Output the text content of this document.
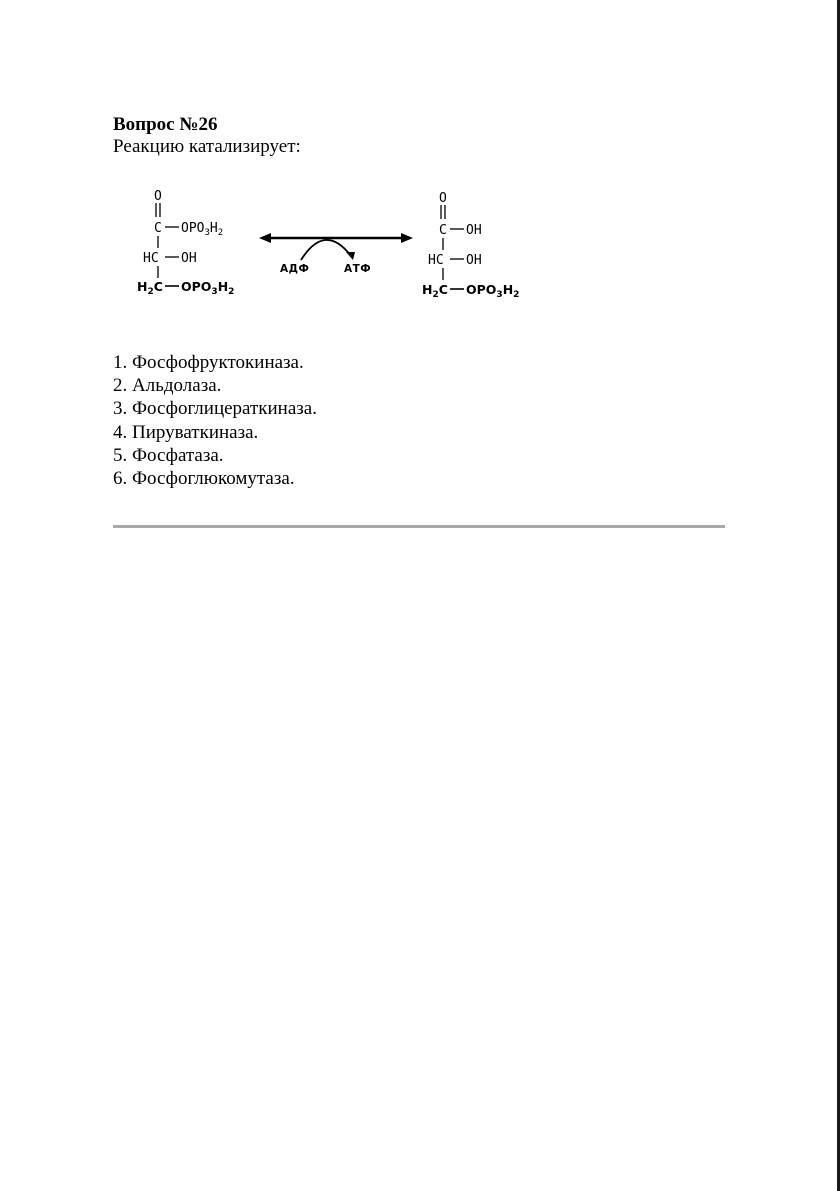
Вопрос №26

Реакцию катализирует:

O
C $OPO_3H_2$
HC OH
$H_2C$ $OPO_3H_2$
АДФ	АТФ
O
C OH
HC OH
$H_2C$ $OPO_3H_2$
1. Фосфофруктокиназа.
2. Альдолаза.
3. Фосфоглицераткиназа.
4. Пируваткиназа.
5. Фосфатаза.
6. Фосфоглюкомутаза.
